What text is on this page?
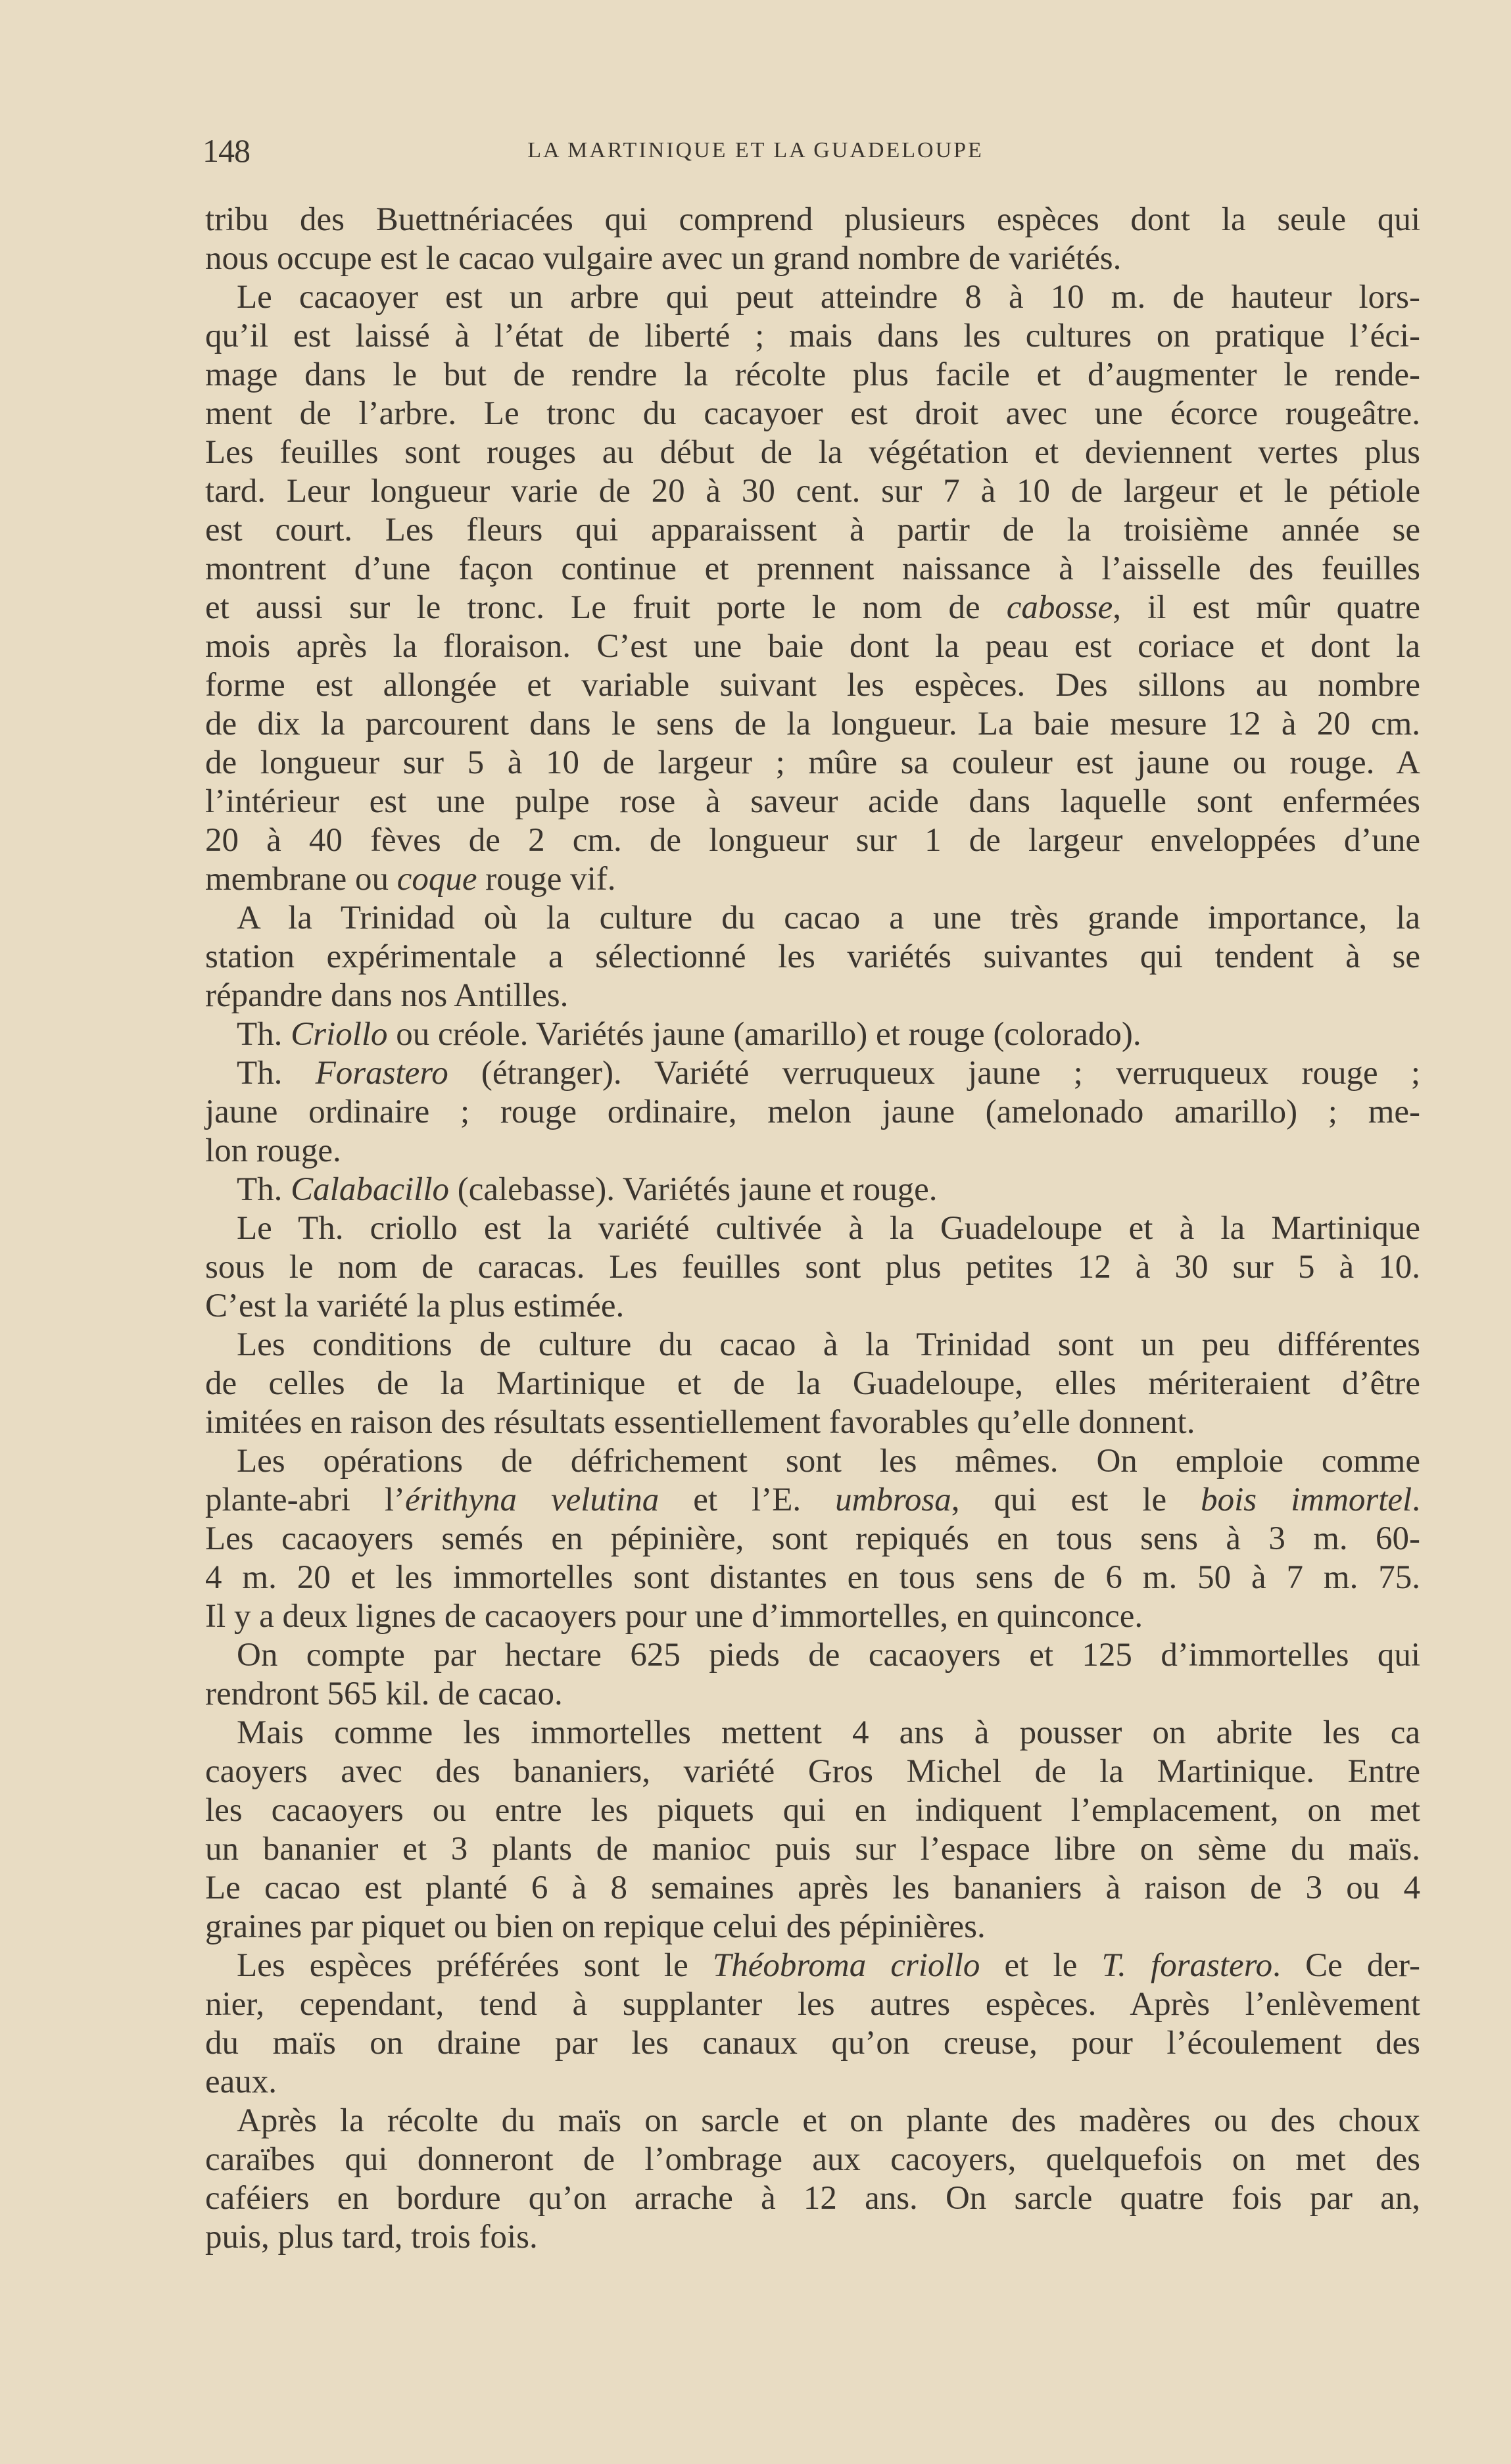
148	LA MARTINIQUE ET LA GUADELOUPE
tribu des Buettnériacées qui comprend plusieurs espèces dont la seule qui
nous occupe est le cacao vulgaire avec un grand nombre de variétés.
Le cacaoyer est un arbre qui peut atteindre 8 à 10 m. de hauteur lors-
qu’il est laissé à l’état de liberté ; mais dans les cultures on pratique l’éci-
mage dans le but de rendre la récolte plus facile et d’augmenter le rende-
ment de l’arbre. Le tronc du cacayoer est droit avec une écorce rougeâtre.
Les feuilles sont rouges au début de la végétation et deviennent vertes plus
tard. Leur longueur varie de 20 à 30 cent. sur 7 à 10 de largeur et le pétiole
est court. Les fleurs qui apparaissent à partir de la troisième année se
montrent d’une façon continue et prennent naissance à l’aisselle des feuilles
et aussi sur le tronc. Le fruit porte le nom de cabosse, il est mûr quatre
mois après la floraison. C’est une baie dont la peau est coriace et dont la
forme est allongée et variable suivant les espèces. Des sillons au nombre
de dix la parcourent dans le sens de la longueur. La baie mesure 12 à 20 cm.
de longueur sur 5 à 10 de largeur ; mûre sa couleur est jaune ou rouge. A
l’intérieur est une pulpe rose à saveur acide dans laquelle sont enfermées
20 à 40 fèves de 2 cm. de longueur sur 1 de largeur enveloppées d’une
membrane ou coque rouge vif.
A la Trinidad où la culture du cacao a une très grande importance, la
station expérimentale a sélectionné les variétés suivantes qui tendent à se
répandre dans nos Antilles.
Th. Criollo ou créole. Variétés jaune (amarillo) et rouge (colorado).
Th. Forastero (étranger). Variété verruqueux jaune ; verruqueux rouge ;
jaune ordinaire ; rouge ordinaire, melon jaune (amelonado amarillo) ; me-
lon rouge.
Th. Calabacillo (calebasse). Variétés jaune et rouge.
Le Th. criollo est la variété cultivée à la Guadeloupe et à la Martinique
sous le nom de caracas. Les feuilles sont plus petites 12 à 30 sur 5 à 10.
C’est la variété la plus estimée.
Les conditions de culture du cacao à la Trinidad sont un peu différentes
de celles de la Martinique et de la Guadeloupe, elles mériteraient d’être
imitées en raison des résultats essentiellement favorables qu’elle donnent.
Les opérations de défrichement sont les mêmes. On emploie comme
plante-abri l’érithyna velutina et l’E. umbrosa, qui est le bois immortel.
Les cacaoyers semés en pépinière, sont repiqués en tous sens à 3 m. 60-
4 m. 20 et les immortelles sont distantes en tous sens de 6 m. 50 à 7 m. 75.
Il y a deux lignes de cacaoyers pour une d’immortelles, en quinconce.
On compte par hectare 625 pieds de cacaoyers et 125 d’immortelles qui
rendront 565 kil. de cacao.
Mais comme les immortelles mettent 4 ans à pousser on abrite les ca
caoyers avec des bananiers, variété Gros Michel de la Martinique. Entre
les cacaoyers ou entre les piquets qui en indiquent l’emplacement, on met
un bananier et 3 plants de manioc puis sur l’espace libre on sème du maïs.
Le cacao est planté 6 à 8 semaines après les bananiers à raison de 3 ou 4
graines par piquet ou bien on repique celui des pépinières.
Les espèces préférées sont le Théobroma criollo et le T. forastero. Ce der-
nier, cependant, tend à supplanter les autres espèces. Après l’enlèvement
du maïs on draine par les canaux qu’on creuse, pour l’écoulement des
eaux.
Après la récolte du maïs on sarcle et on plante des madères ou des choux
caraïbes qui donneront de l’ombrage aux cacoyers, quelquefois on met des
caféiers en bordure qu’on arrache à 12 ans. On sarcle quatre fois par an,
puis, plus tard, trois fois.
